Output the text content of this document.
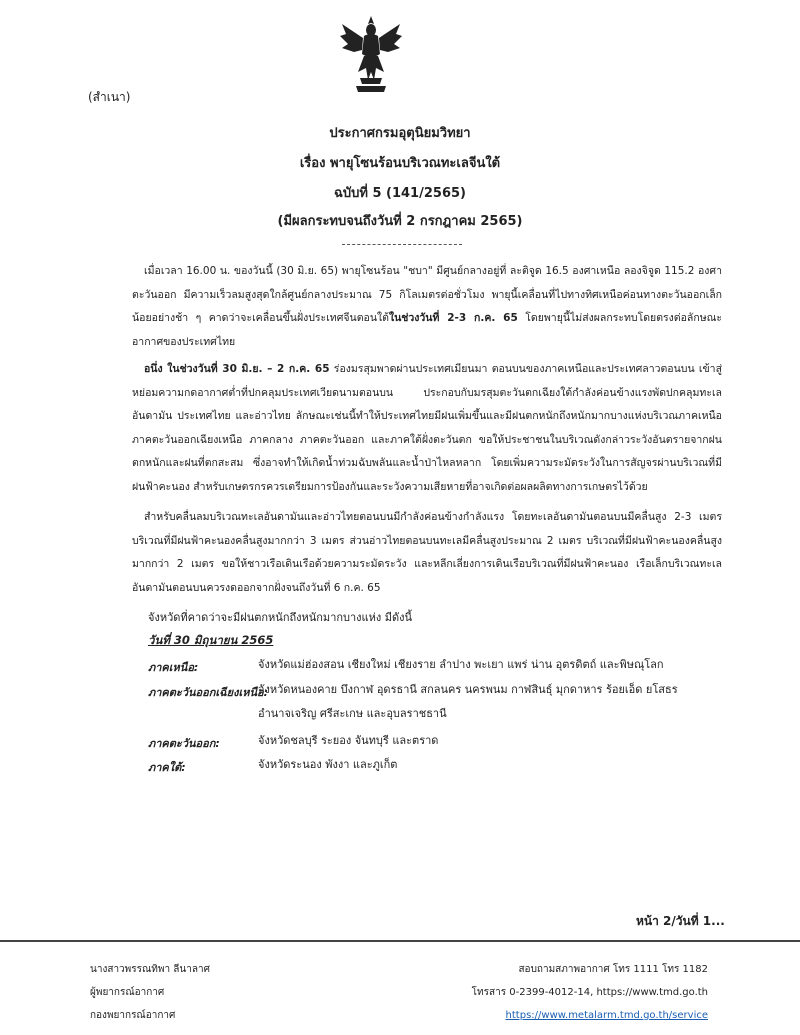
(สำเนา)
ประกาศกรมอุตุนิยมวิทยา
เรื่อง พายุโซนร้อนบริเวณทะเลจีนใต้
ฉบับที่ 5 (141/2565)
(มีผลกระทบจนถึงวันที่ 2 กรกฎาคม 2565)
เมื่อเวลา 16.00 น. ของวันนี้ (30 มิ.ย. 65) พายุโซนร้อน "ชบา" มีศูนย์กลางอยู่ที่ ละติจูด 16.5 องศาเหนือ ลองจิจูด 115.2 องศาตะวันออก มีความเร็วลมสูงสุดใกล้ศูนย์กลางประมาณ 75 กิโลเมตรต่อชั่วโมง พายุนี้เคลื่อนที่ไปทางทิศเหนือค่อนทางตะวันออกเล็กน้อยอย่างช้า ๆ คาดว่าจะเคลื่อนขึ้นฝั่งประเทศจีนตอนใต้ในช่วงวันที่ 2-3 ก.ค. 65 โดยพายุนี้ไม่ส่งผลกระทบโดยตรงต่อลักษณะอากาศของประเทศไทย
อนึ่ง ในช่วงวันที่ 30 มิ.ย. – 2 ก.ค. 65 ร่องมรสุมพาดผ่านประเทศเมียนมา ตอนบนของภาคเหนือและประเทศลาวตอนบน เข้าสู่หย่อมความกดอากาศต่ำที่ปกคลุมประเทศเวียดนามตอนบน ประกอบกับมรสุมตะวันตกเฉียงใต้กำลังค่อนข้างแรงพัดปกคลุมทะเลอันดามัน ประเทศไทย และอ่าวไทย ลักษณะเช่นนี้ทำให้ประเทศไทยมีฝนเพิ่มขึ้นและมีฝนตกหนักถึงหนักมากบางแห่งบริเวณภาคเหนือ ภาคตะวันออกเฉียงเหนือ ภาคกลาง ภาคตะวันออก และภาคใต้ฝั่งตะวันตก ขอให้ประชาชนในบริเวณดังกล่าวระวังอันตรายจากฝนตกหนักและฝนที่ตกสะสม ซึ่งอาจทำให้เกิดน้ำท่วมฉับพลันและน้ำป่าไหลหลาก โดยเพิ่มความระมัดระวังในการสัญจรผ่านบริเวณที่มีฝนฟ้าคะนอง สำหรับเกษตรกรควรเตรียมการป้องกันและระวังความเสียหายที่อาจเกิดต่อผลผลิตทางการเกษตรไว้ด้วย
สำหรับคลื่นลมบริเวณทะเลอันดามันและอ่าวไทยตอนบนมีกำลังค่อนข้างกำลังแรง โดยทะเลอันดามันตอนบนมีคลื่นสูง 2-3 เมตร บริเวณที่มีฝนฟ้าคะนองคลื่นสูงมากกว่า 3 เมตร ส่วนอ่าวไทยตอนบนทะเลมีคลื่นสูงประมาณ 2 เมตร บริเวณที่มีฝนฟ้าคะนองคลื่นสูงมากกว่า 2 เมตร ขอให้ชาวเรือเดินเรือด้วยความระมัดระวัง และหลีกเลี่ยงการเดินเรือบริเวณที่มีฝนฟ้าคะนอง เรือเล็กบริเวณทะเลอันดามันตอนบนควรงดออกจากฝั่งจนถึงวันที่ 6 ก.ค. 65
จังหวัดที่คาดว่าจะมีฝนตกหนักถึงหนักมากบางแห่ง มีดังนี้
วันที่ 30 มิถุนายน 2565
ภาคเหนือ:	จังหวัดแม่ฮ่องสอน เชียงใหม่ เชียงราย ลำปาง พะเยา แพร่ น่าน อุตรดิตถ์ และพิษณุโลก
ภาคตะวันออกเฉียงเหนือ:
จังหวัดหนองคาย บึงกาฬ อุดรธานี สกลนคร นครพนม กาฬสินธุ์ มุกดาหาร ร้อยเอ็ด ยโสธร อำนาจเจริญ ศรีสะเกษ และอุบลราชธานี
ภาคตะวันออก:	จังหวัดชลบุรี ระยอง จันทบุรี และตราด
ภาคใต้:	จังหวัดระนอง พังงา และภูเก็ต
หน้า 2/วันที่ 1...
นางสาวพรรณทิพา ลีนาลาศ
ผู้พยากรณ์อากาศ
กองพยากรณ์อากาศ
สอบถามสภาพอากาศ โทร 1111 โทร 1182
โทรสาร 0-2399-4012-14, https://www.tmd.go.th
https://www.metalarm.tmd.go.th/service
